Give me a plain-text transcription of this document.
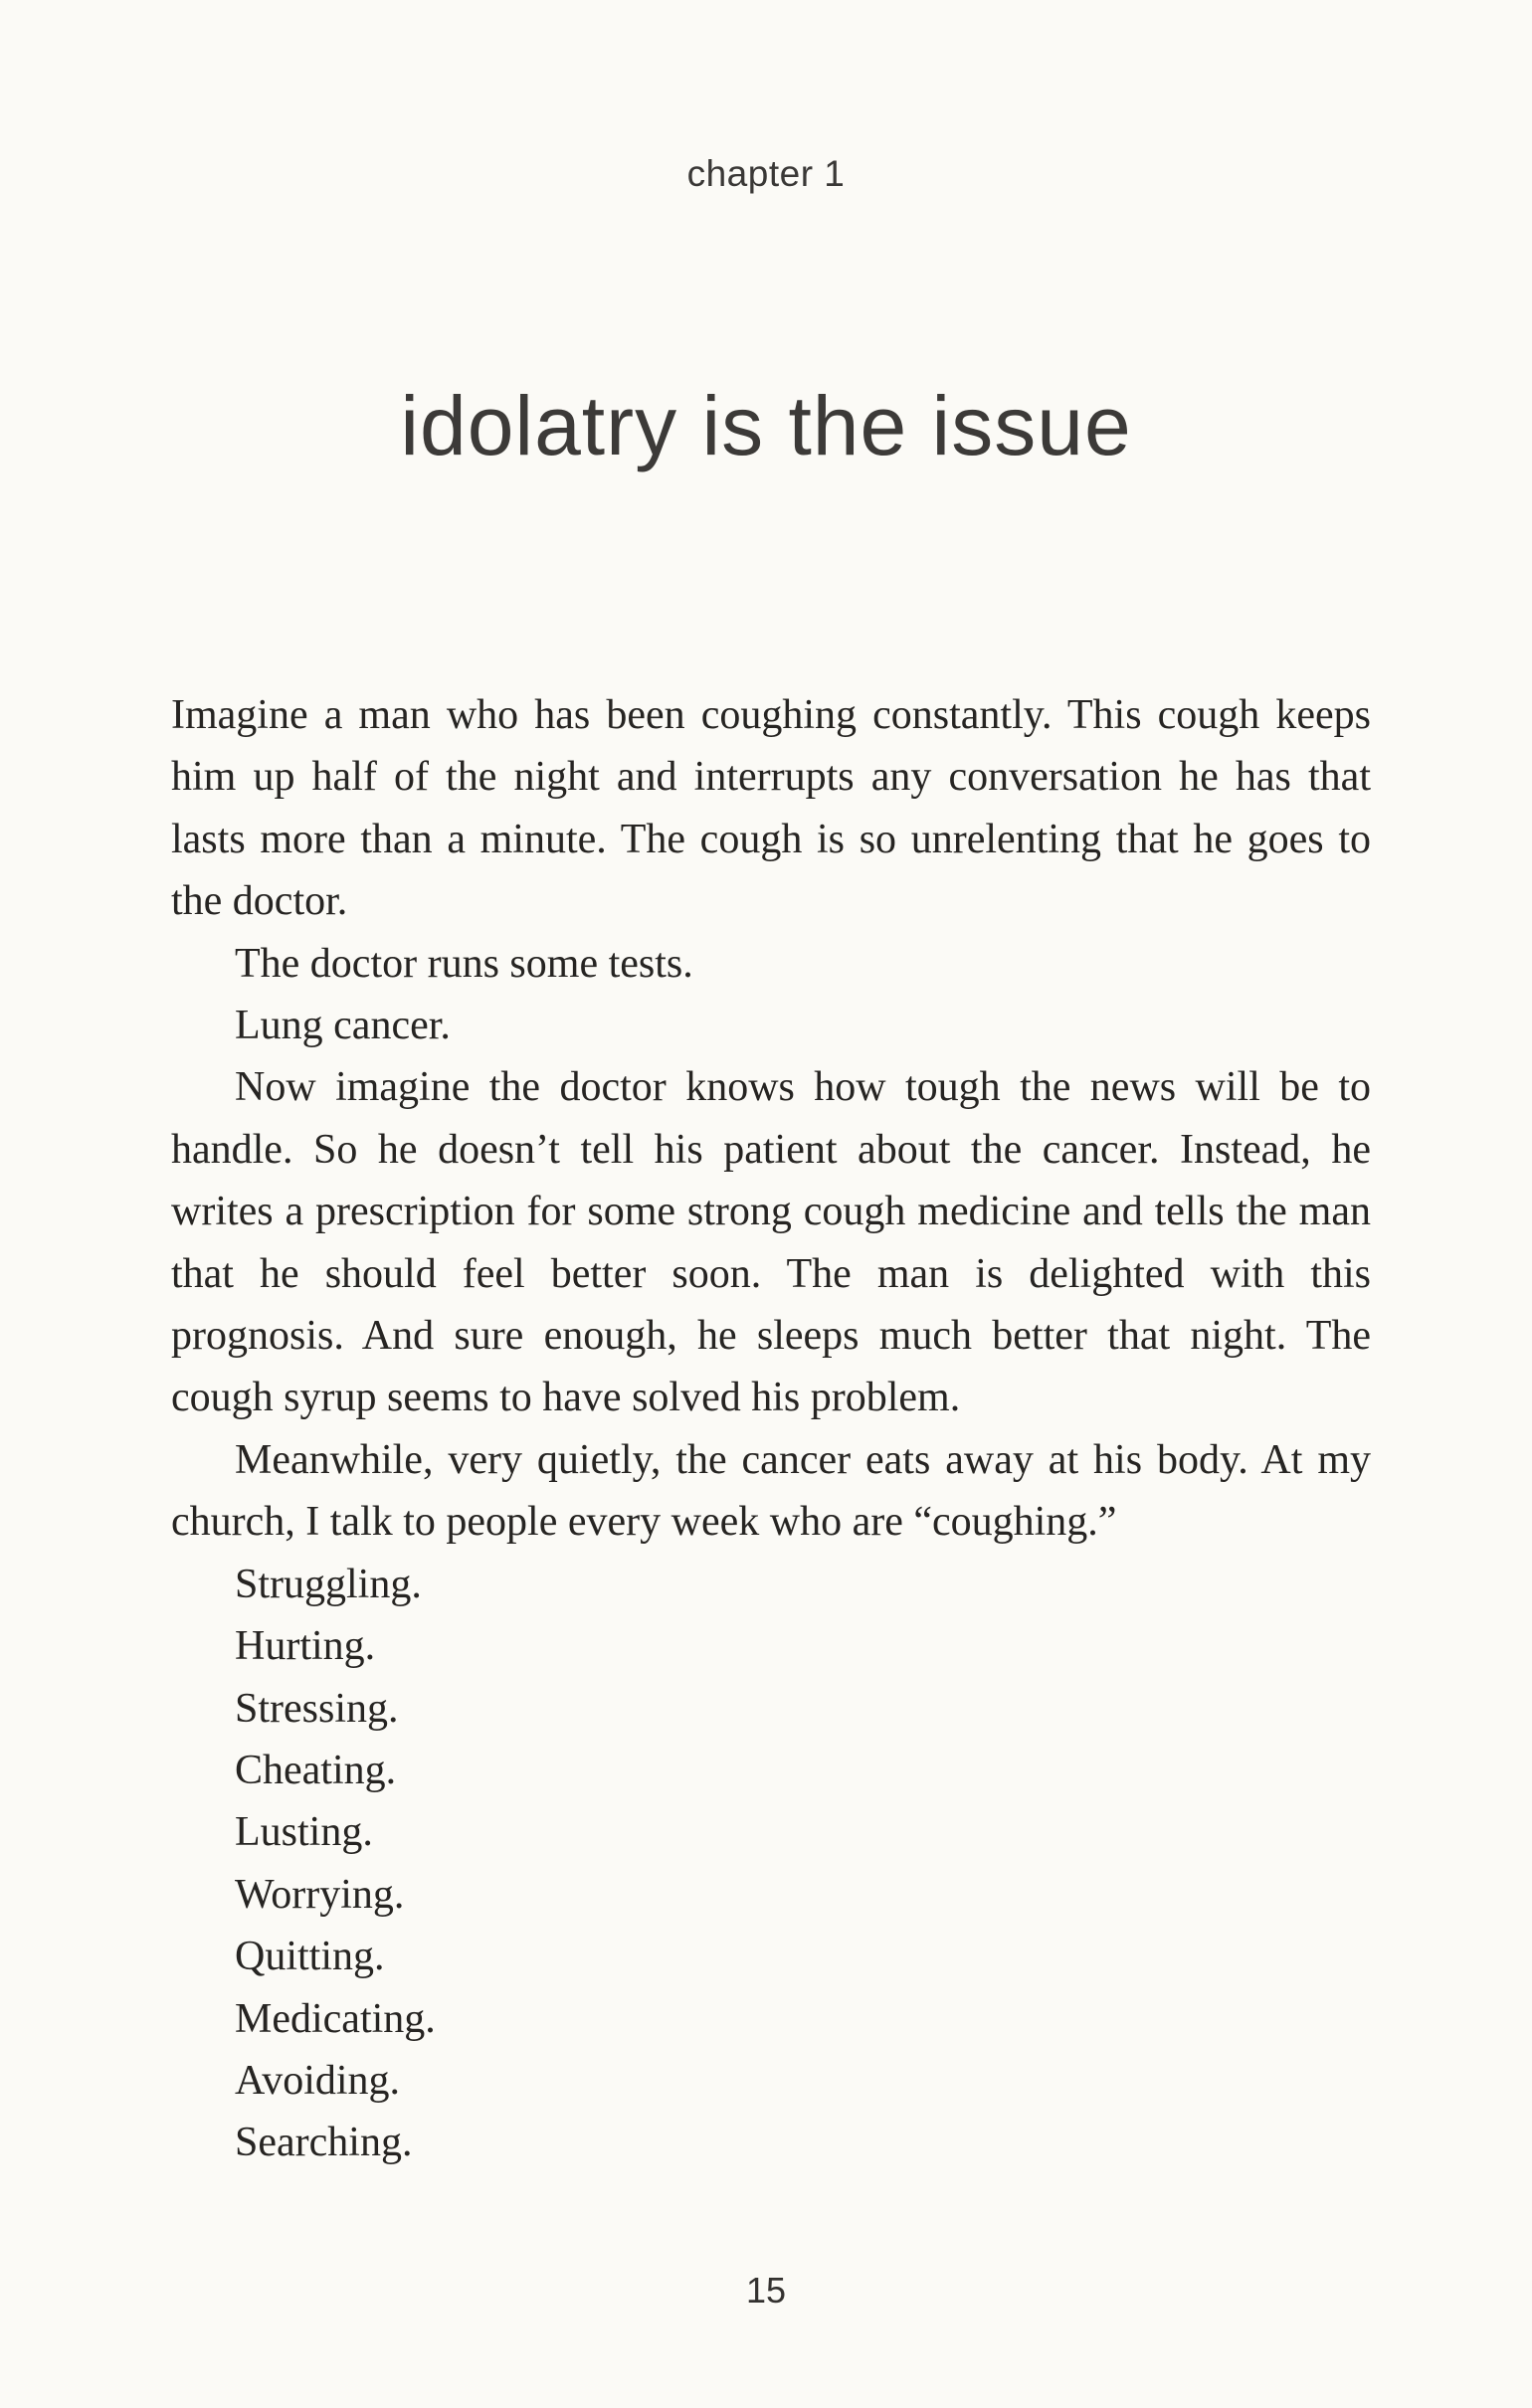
chapter 1
idolatry is the issue

Imagine a man who has been coughing constantly. This cough keeps him up half of the night and interrupts any conversation he has that lasts more than a minute. The cough is so unrelenting that he goes to the doctor.

The doctor runs some tests.

Lung cancer.

Now imagine the doctor knows how tough the news will be to handle. So he doesn’t tell his patient about the cancer. Instead, he writes a prescription for some strong cough medicine and tells the man that he should feel better soon. The man is delighted with this prognosis. And sure enough, he sleeps much better that night. The cough syrup seems to have solved his problem.

Meanwhile, very quietly, the cancer eats away at his body. At my church, I talk to people every week who are “coughing.”

Struggling.

Hurting.

Stressing.

Cheating.

Lusting.

Worrying.

Quitting.

Medicating.

Avoiding.

Searching.

15
